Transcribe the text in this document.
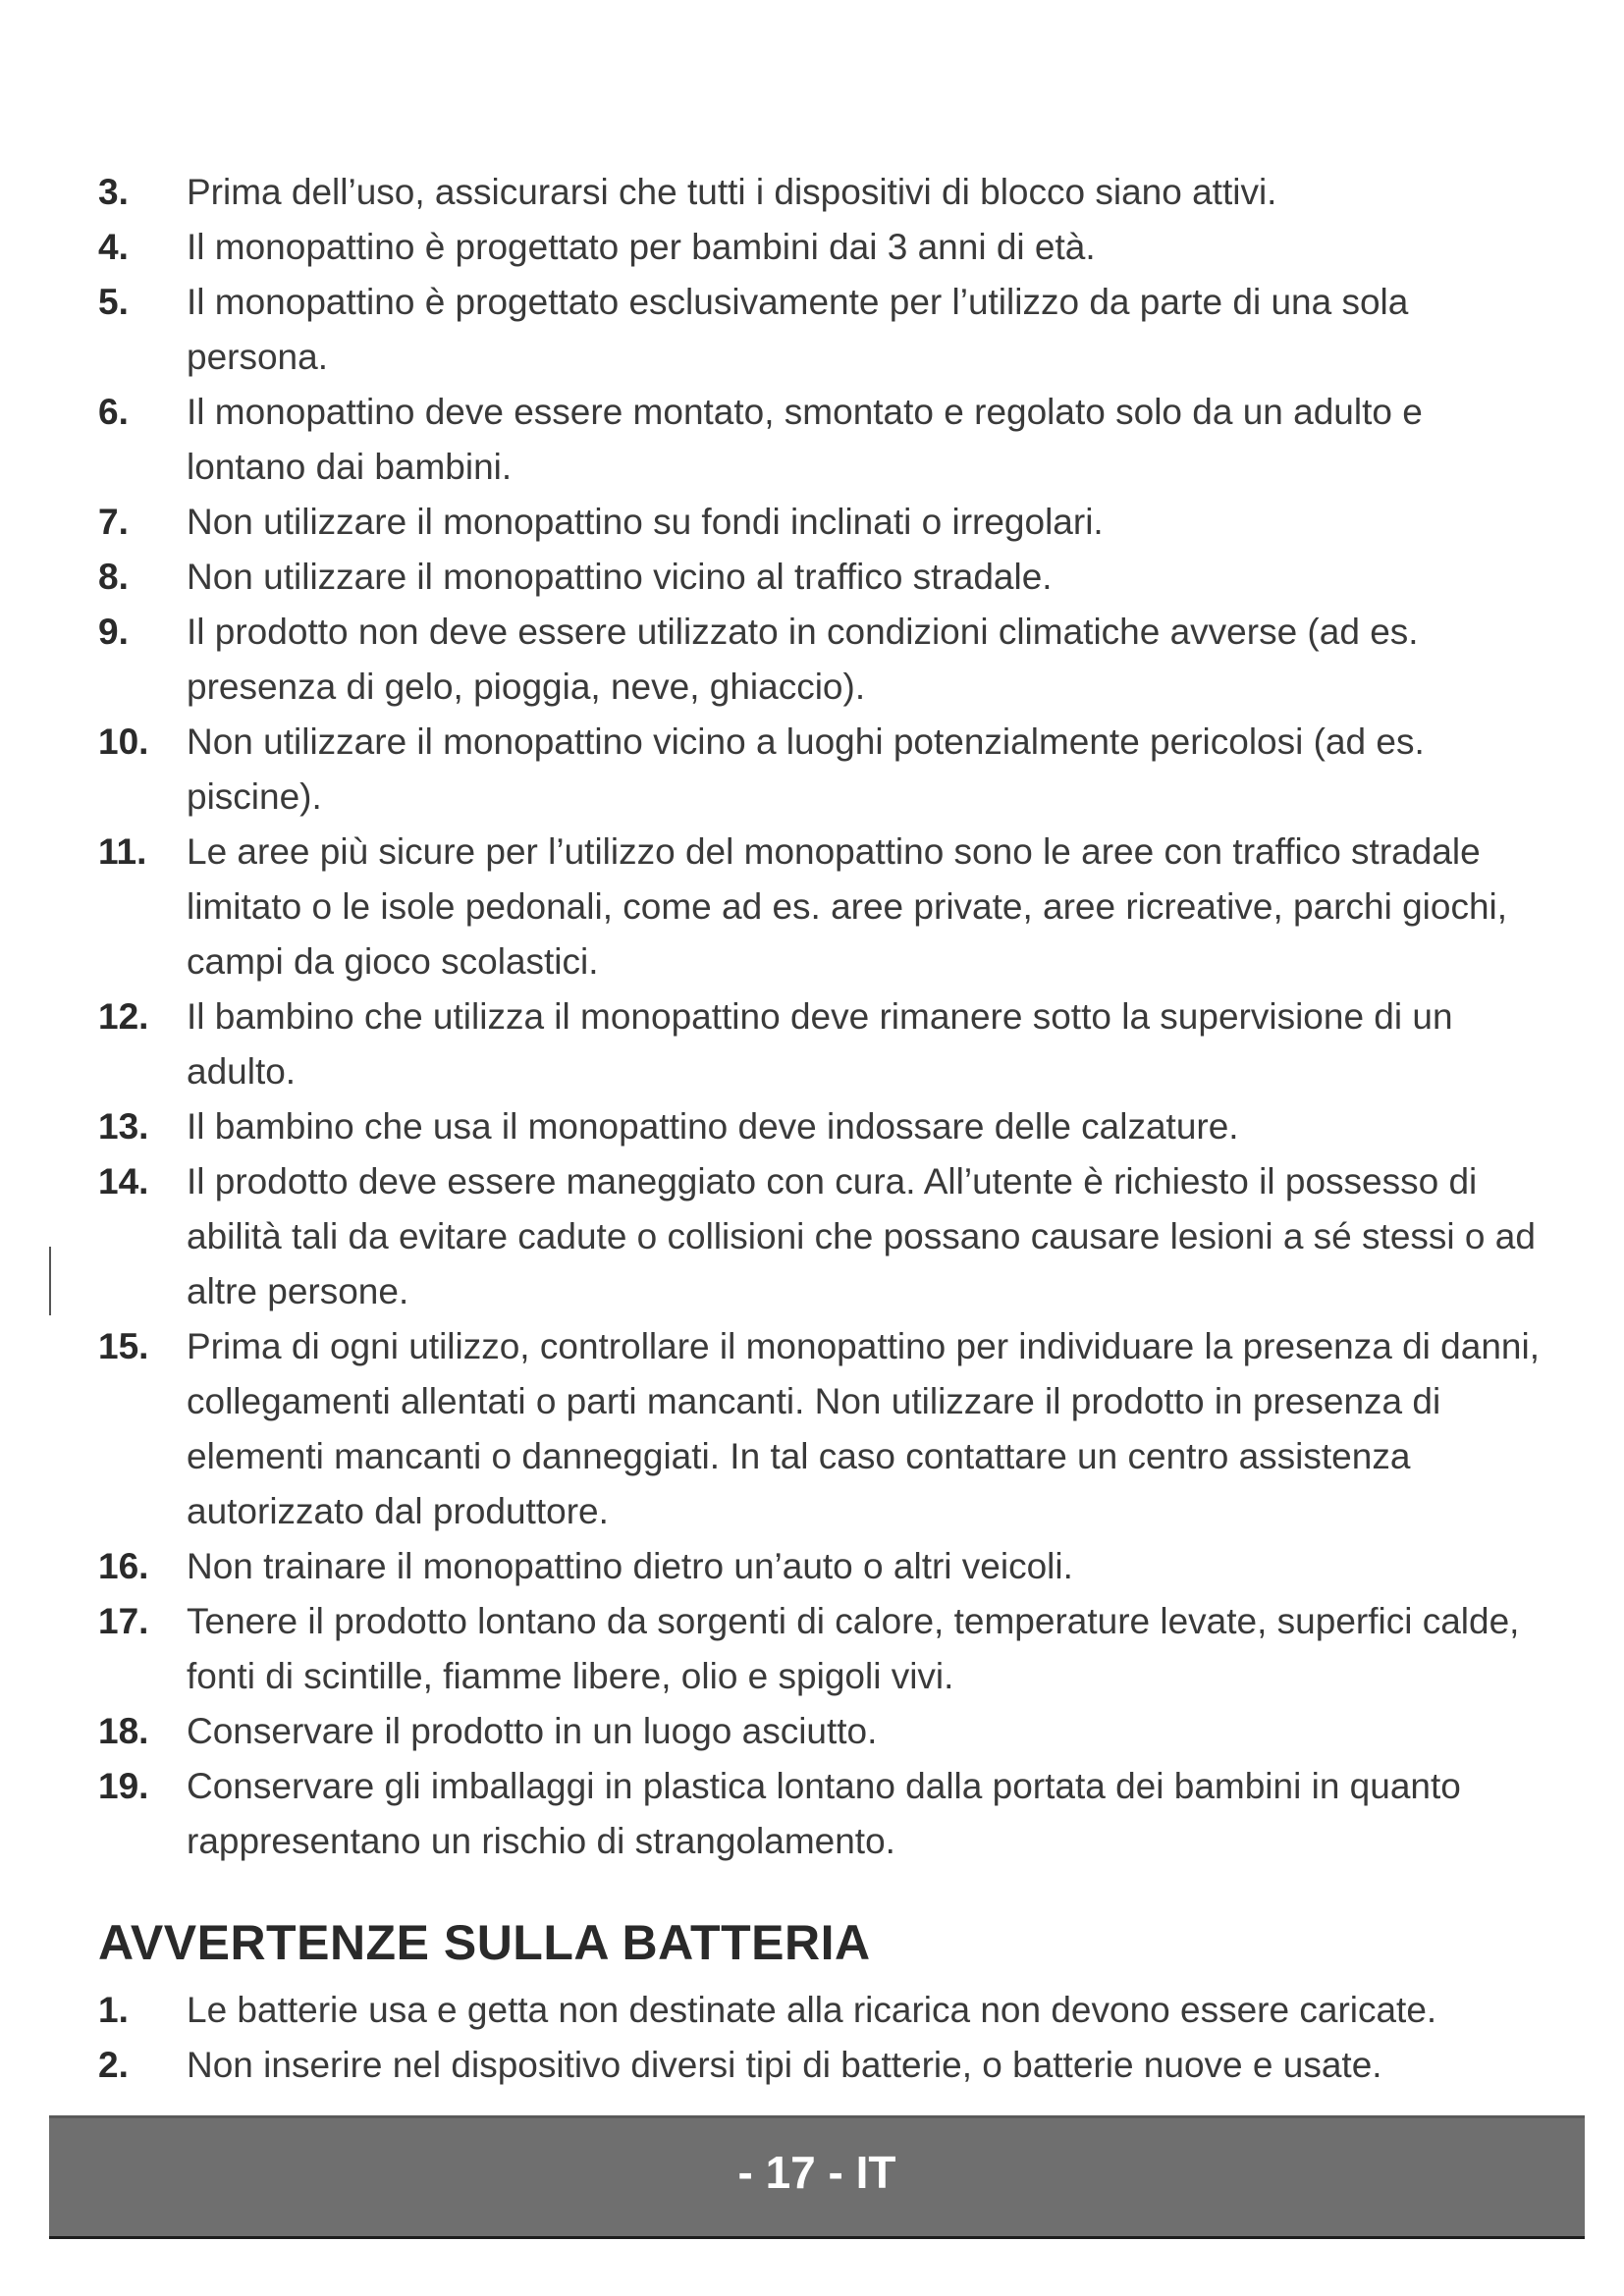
3. Prima dell’uso, assicurarsi che tutti i dispositivi di blocco siano attivi.

4. Il monopattino è progettato per bambini dai 3 anni di età.

5. Il monopattino è progettato esclusivamente per l’utilizzo da parte di una sola persona.

6. Il monopattino deve essere montato, smontato e regolato solo da un adulto e lontano dai bambini.

7. Non utilizzare il monopattino su fondi inclinati o irregolari.

8. Non utilizzare il monopattino vicino al traffico stradale.

9. Il prodotto non deve essere utilizzato in condizioni climatiche avverse (ad es. presenza di gelo, pioggia, neve, ghiaccio).

10. Non utilizzare il monopattino vicino a luoghi potenzialmente pericolosi (ad es. piscine).

11. Le aree più sicure per l’utilizzo del monopattino sono le aree con traffico stradale limitato o le isole pedonali, come ad es. aree private, aree ricreative, parchi giochi, campi da gioco scolastici.

12. Il bambino che utilizza il monopattino deve rimanere sotto la supervisione di un adulto.

13. Il bambino che usa il monopattino deve indossare delle calzature.

14. Il prodotto deve essere maneggiato con cura. All’utente è richiesto il possesso di abilità tali da evitare cadute o collisioni che possano causare lesioni a sé stessi o ad altre persone.

15. Prima di ogni utilizzo, controllare il monopattino per individuare la presenza di danni, collegamenti allentati o parti mancanti. Non utilizzare il prodotto in presenza di elementi mancanti o danneggiati. In tal caso contattare un centro assistenza autorizzato dal produttore.

16. Non trainare il monopattino dietro un’auto o altri veicoli.

17. Tenere il prodotto lontano da sorgenti di calore, temperature levate, superfici calde, fonti di scintille, fiamme libere, olio e spigoli vivi.

18. Conservare il prodotto in un luogo asciutto.

19. Conservare gli imballaggi in plastica lontano dalla portata dei bambini in quanto rappresentano un rischio di strangolamento.

AVVERTENZE SULLA BATTERIA

1. Le batterie usa e getta non destinate alla ricarica non devono essere caricate.

2. Non inserire nel dispositivo diversi tipi di batterie, o batterie nuove e usate.

- 17 - IT
